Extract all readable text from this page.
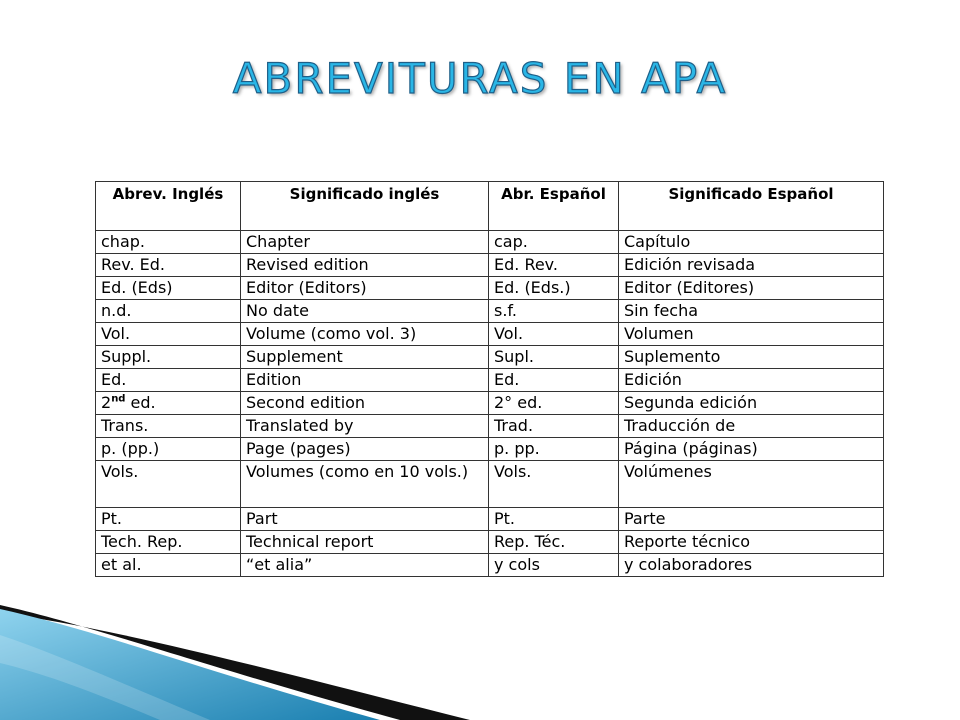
ABREVITURAS EN APA
Abrev. Inglés	Significado inglés	Abr. Español	Significado Español
chap.	Chapter	cap.	Capítulo
Rev. Ed.	Revised edition	Ed. Rev.	Edición revisada
Ed. (Eds)	Editor (Editors)	Ed. (Eds.)	Editor (Editores)
n.d.	No date	s.f.	Sin fecha
Vol.	Volume (como vol. 3)	Vol.	Volumen
Suppl.	Supplement	Supl.	Suplemento
Ed.	Edition	Ed.	Edición
2nd ed.	Second edition	2° ed.	Segunda edición
Trans.	Translated by	Trad.	Traducción de
p. (pp.)	Page (pages)	p. pp.	Página (páginas)
Vols.	Volumes (como en 10 vols.)	Vols.	Volúmenes
Pt.	Part	Pt.	Parte
Tech. Rep.	Technical report	Rep. Téc.	Reporte técnico
et al.	“et alia”	y cols	y colaboradores
